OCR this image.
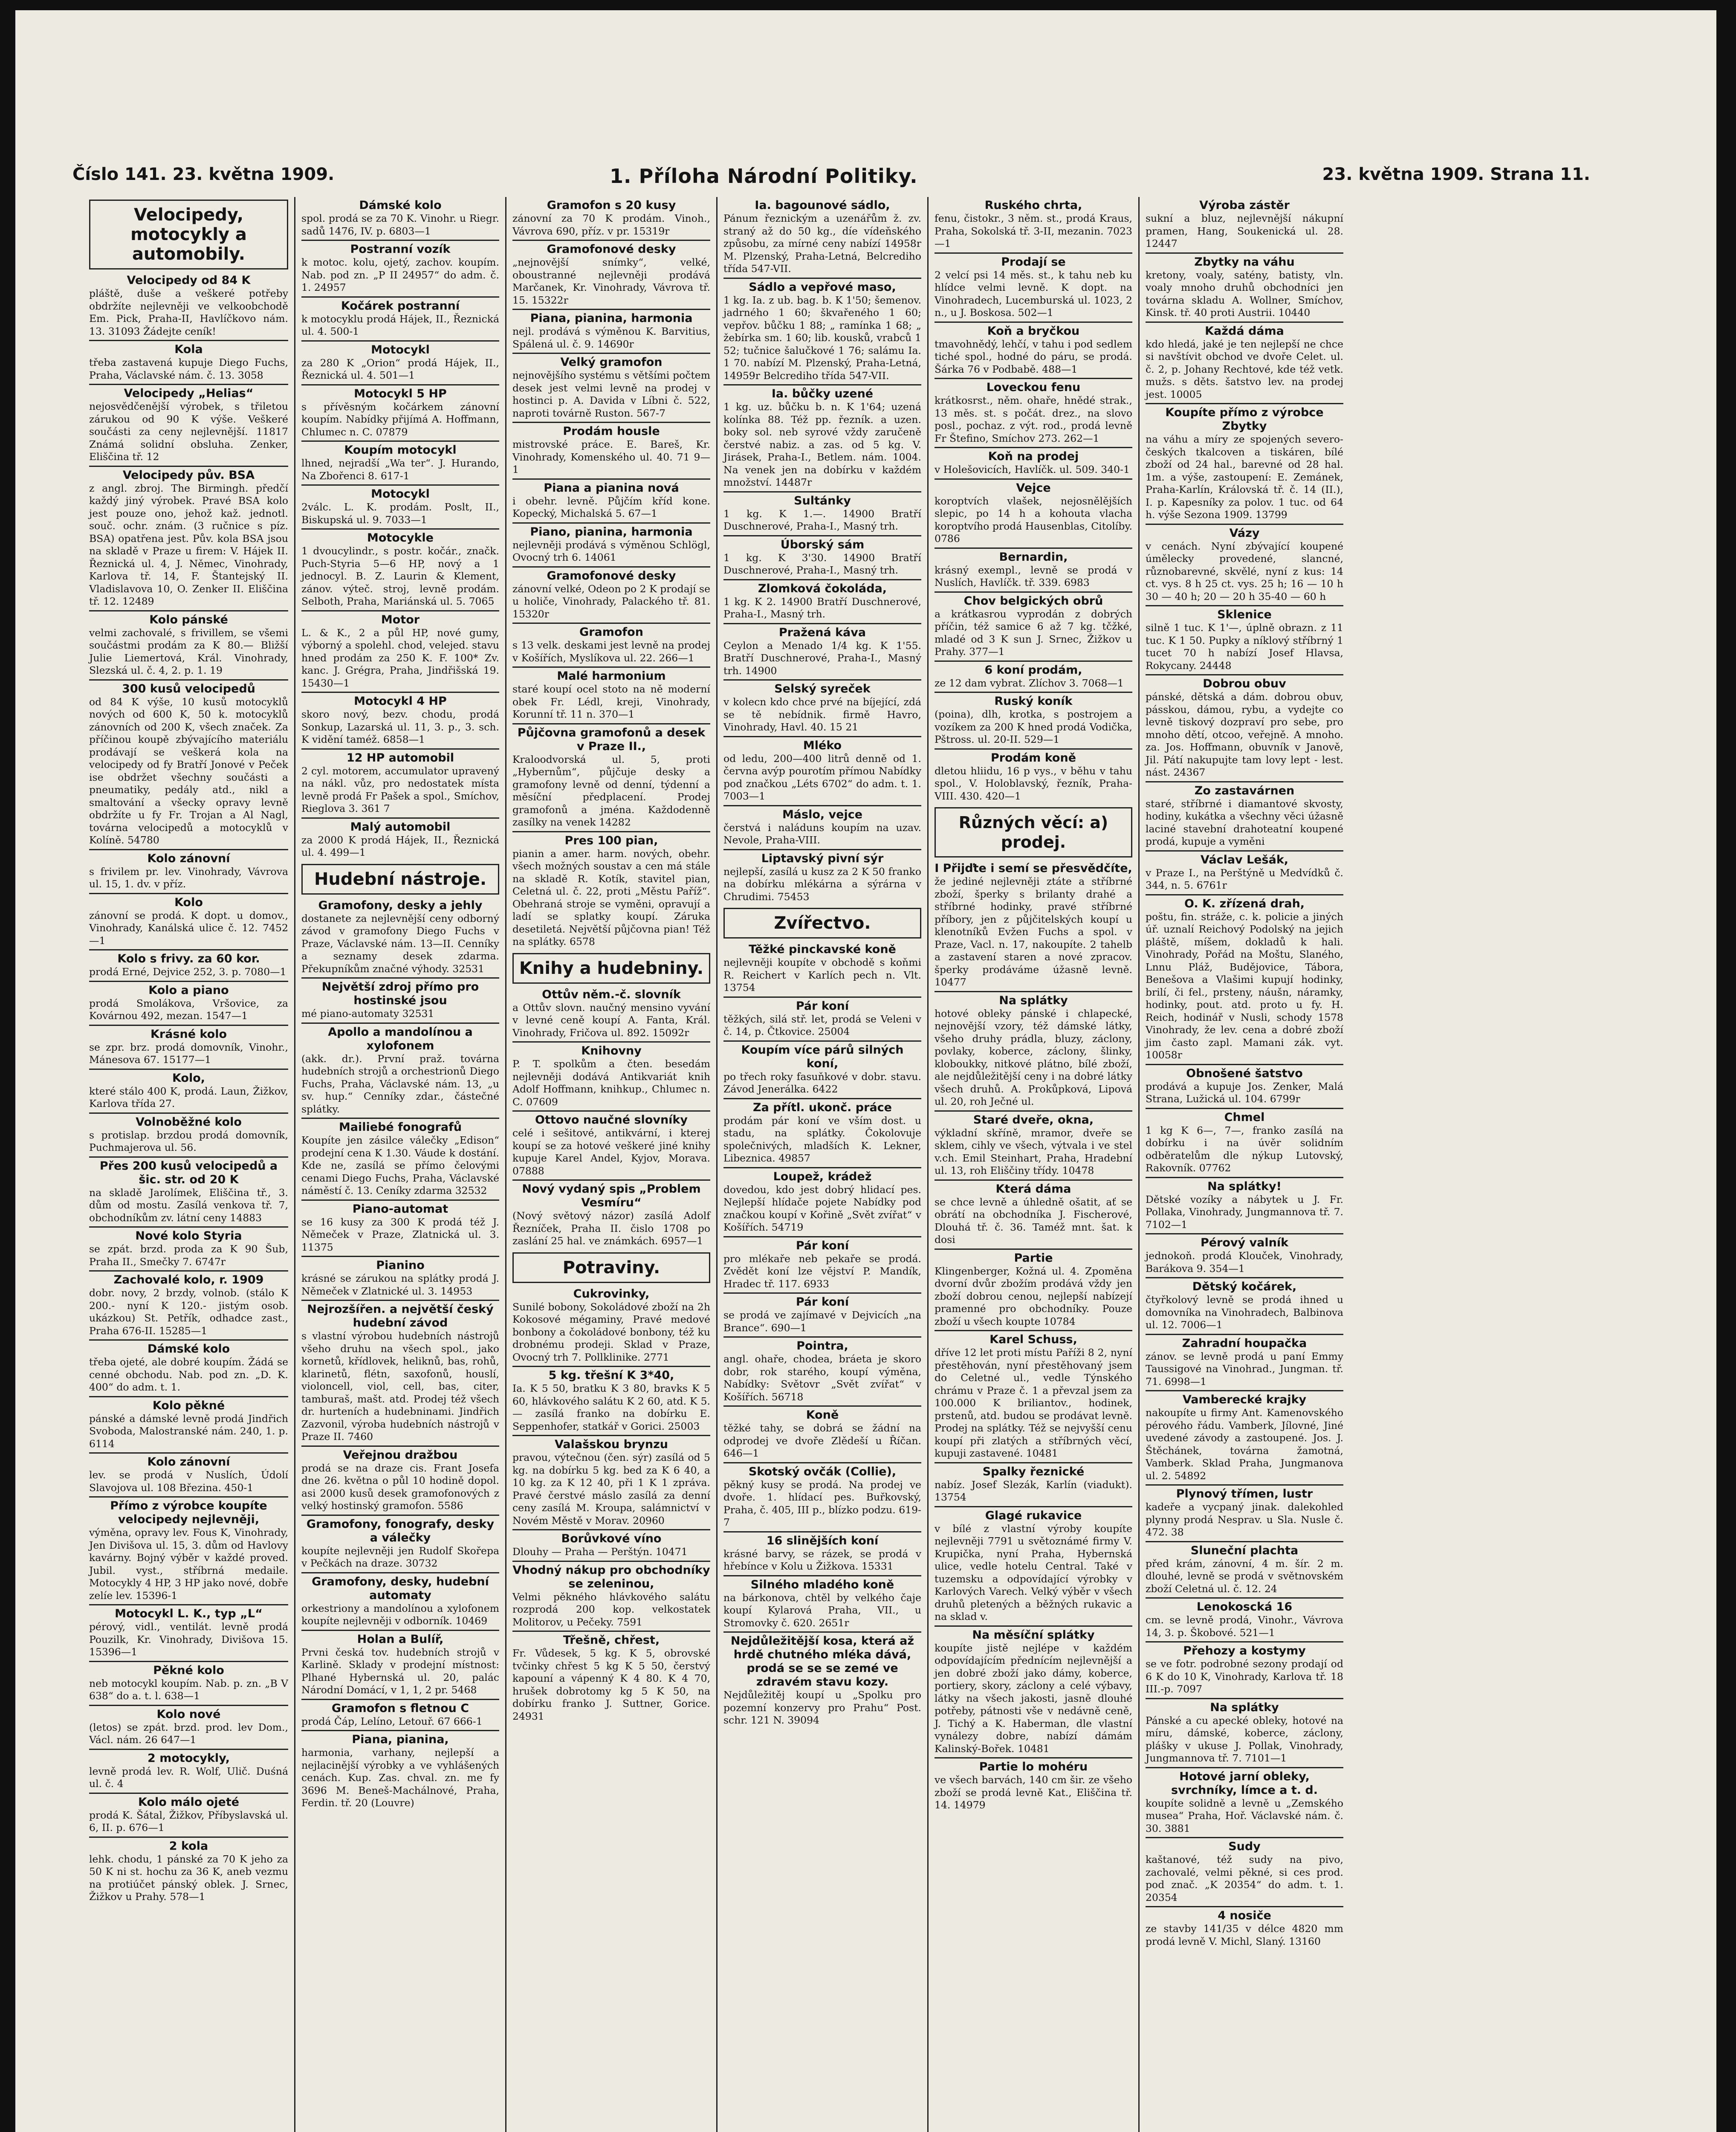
Číslo 141. 23. května 1909.	1. Příloha Národní Politiky.	23. května 1909. Strana 11.
Velocipedy, motocykly a automobily.
Velocipedy od 84 K
pláště, duše a veškeré potřeby obdržíte nejlevněji ve velkoobchodě Em. Pick, Praha-II, Havlíčkovo nám. 13. 31093 Žádejte ceník!
Kola
třeba zastavená kupuje Diego Fuchs, Praha, Václavské nám. č. 13. 3058
Velocipedy „Helias“
nejosvědčenější výrobek, s třiletou zárukou od 90 K výše. Veškeré součásti za ceny nejlevnější. 11817 Známá solidní obsluha. Zenker, Eliščina tř. 12
Velocipedy pův. BSA
z angl. zbroj. The Birmingh. předčí každý jiný výrobek. Pravé BSA kolo jest pouze ono, jehož kaž. jednotl. souč. ochr. znám. (3 ručnice s píz. BSA) opatřena jest. Pův. kola BSA jsou na skladě v Praze u firem: V. Hájek II. Řeznická ul. 4, J. Němec, Vinohrady, Karlova tř. 14, F. Štantejský II. Vladislavova 10, O. Zenker II. Eliščina tř. 12. 12489
Kolo pánské
velmi zachovalé, s frivillem, se všemi součástmi prodám za K 80.— Bližší Julie Liemertová, Král. Vinohrady, Slezská ul. č. 4, 2. p. 1. 19
300 kusů velocipedů
od 84 K výše, 10 kusů motocyklů nových od 600 K, 50 k. motocyklů zánovních od 200 K, všech značek. Za příčinou koupě zbývajícího materiálu prodávají se veškerá kola na velocipedy od fy Bratří Jonové v Peček ise obdržet všechny součásti a pneumatiky, pedály atd., nikl a smaltování a všecky opravy levně obdržíte u fy Fr. Trojan a Al Nagl, továrna velocipedů a motocyklů v Kolíně. 54780
Kolo zánovní
s frivilem pr. lev. Vinohrady, Vávrova ul. 15, 1. dv. v příz.
Kolo
zánovní se prodá. K dopt. u domov., Vinohrady, Kanálská ulice č. 12. 7452—1
Kolo s frivy. za 60 kor.
prodá Erné, Dejvice 252, 3. p. 7080—1
Kolo a piano
prodá Smolákova, Vršovice, za Kovárnou 492, mezan. 1547—1
Krásné kolo
se zpr. brz. prodá domovník, Vinohr., Mánesova 67. 15177—1
Kolo,
které stálo 400 K, prodá. Laun, Žižkov, Karlova třída 27.
Volnoběžné kolo
s protislap. brzdou prodá domovník, Puchmajerova ul. 56.
Přes 200 kusů velocipedů a šic. str. od 20 K
na skladě Jarolímek, Eliščina tř., 3. dům od mostu. Zasílá venkova tř. 7, obchodníkům zv. látní ceny 14883
Nové kolo Styria
se zpát. brzd. proda za K 90 Šub, Praha II., Smečky 7. 6747r
Zachovalé kolo, r. 1909
dobr. novy, 2 brzdy, volnob. (stálo K 200.- nyní K 120.- jistým osob. ukázkou) St. Petřík, odhadce zast., Praha 676-II. 15285—1
Dámské kolo
třeba ojeté, ale dobré koupím. Žádá se cenné obchodu. Nab. pod zn. „D. K. 400“ do adm. t. 1.
Kolo pěkné
pánské a dámské levně prodá Jindřich Svoboda, Malostranské nám. 240, 1. p. 6114
Kolo zánovní
lev. se prodá v Nuslích, Údolí Slavojova ul. 108 Březina. 450-1
Přímo z výrobce koupíte velocipedy nejlevněji,
výměna, opravy lev. Fous K, Vinohrady, Jen Divišova ul. 15, 3. dům od Havlovy kavárny. Bojný výběr v každé proved. Jubil. vyst., stříbrná medaile. Motocykly 4 HP, 3 HP jako nové, dobře zelíe lev. 15396-1
Motocykl L. K., typ „L“
pérový, vidl., ventilát. levně prodá Pouzilk, Kr. Vinohrady, Divišova 15. 15396—1
Pěkné kolo
neb motocykl koupím. Nab. p. zn. „B V 638“ do a. t. l. 638—1
Kolo nové
(letos) se zpát. brzd. prod. lev Dom., Václ. nám. 26 647—1
2 motocykly,
levně prodá lev. R. Wolf, Ulič. Duśná ul. č. 4
Kolo málo ojeté
prodá K. Šátal, Žižkov, Příbyslavská ul. 6, II. p. 676—1
2 kola
lehk. chodu, 1 pánské za 70 K jeho za 50 K ni st. hochu za 36 K, aneb vezmu na protiúčet pánský oblek. J. Srnec, Žižkov u Prahy. 578—1
Dámské kolo
spol. prodá se za 70 K. Vinohr. u Riegr. sadů 1476, IV. p. 6803—1
Postranní vozík
k motoc. kolu, ojetý, zachov. koupím. Nab. pod zn. „P II 24957“ do adm. č. 1. 24957
Kočárek postranní
k motocyklu prodá Hájek, II., Řeznická ul. 4. 500-1
Motocykl
za 280 K „Orion“ prodá Hájek, II., Řeznická ul. 4. 501—1
Motocykl 5 HP
s přívěsným kočárkem zánovní koupím. Nabídky přijímá A. Hoffmann, Chlumec n. C. 07879
Koupím motocykl
lhned, nejradší „Wa ter“. J. Hurando, Na Zbořenci 8. 617-1
Motocykl
2válc. L. K. prodám. Poslt, II., Biskupská ul. 9. 7033—1
Motocykle
1 dvoucylindr., s postr. kočár., značk. Puch-Styria 5—6 HP, nový a 1 jednocyl. B. Z. Laurin & Klement, zánov. výteč. stroj, levně prodám. Selboth, Praha, Mariánská ul. 5. 7065
Motor
L. & K., 2 a půl HP, nové gumy, výborný a spolehl. chod, velejed. stavu hned prodám za 250 K. F. 100* Zv. kanc. J. Grégra, Praha, Jindřišská 19. 15430—1
Motocykl 4 HP
skoro nový, bezv. chodu, prodá Sonkup, Lazarská ul. 11, 3. p., 3. sch. K vidění taméž. 6858—1
12 HP automobil
2 cyl. motorem, accumulator upravený na nákl. vůz, pro nedostatek místa levně prodá Fr Pašek a spol., Smíchov, Rieglova 3. 361 7
Malý automobil
za 2000 K prodá Hájek, II., Řeznická ul. 4. 499—1
Hudební nástroje.
Gramofony, desky a jehly
dostanete za nejlevnější ceny odborný závod v gramofony Diego Fuchs v Praze, Václavské nám. 13—II. Cenníky a seznamy desek zdarma. Překupníkům značné výhody. 32531
Největší zdroj přímo pro hostinské jsou
mé piano-automaty 32531
Apollo a mandolínou a xylofonem
(akk. dr.). První praž. továrna hudebních strojů a orchestrionů Diego Fuchs, Praha, Václavské nám. 13, „u sv. hup.“ Cenníky zdar., částečné splátky.
Mailiebé fonografů
Koupíte jen zásilce válečky „Edison“ prodejní cena K 1.30. Váude k dostání. Kde ne, zasílá se přímo čelovými cenami Diego Fuchs, Praha, Václavské náměstí č. 13. Ceníky zdarma 32532
Piano-automat
se 16 kusy za 300 K prodá též J. Němeček v Praze, Zlatnická ul. 3. 11375
Pianino
krásné se zárukou na splátky prodá J. Němeček v Zlatnické ul. 3. 14953
Nejrozšířen. a největší český hudební závod
s vlastní výrobou hudebních nástrojů všeho druhu na všech spol., jako kornetů, křídlovek, heliknů, bas, rohů, klarinetů, flétn, saxofonů, houslí, violoncell, viol, cell, bas, citer, tamburaš, mašt. atd. Prodej též všech dr. hurteních a hudebninami. Jindřich Zazvonil, výroba hudebních nástrojů v Praze II. 7460
Veřejnou dražbou
prodá se na draze cis. Frant Josefa dne 26. května o půl 10 hodině dopol. asi 2000 kusů desek gramofonových z velký hostinský gramofon. 5586
Gramofony, fonografy, desky a válečky
koupíte nejlevněji jen Rudolf Skořepa v Pečkách na draze. 30732
Gramofony, desky, hudební automaty
orkestriony a mandolínou a xylofonem koupíte nejlevněji v odborník. 10469
Holan a Bulíř,
Prvni česká tov. hudebních strojů v Karlině. Sklady v prodejní místnost: Plhané Hybernská ul. 20, palác Národní Domácí, v 1, 1, 2 pr. 5468
Gramofon s fletnou C
prodá Čáp, Lelíno, Letouř. 67 666-1
Piana, pianina,
harmonia, varhany, nejlepší a nejlacinější výrobky a ve vyhlášených cenách. Kup. Zas. chval. zn. me fy 3696 M. Beneš-Machálnové, Praha, Ferdin. tř. 20 (Louvre)
Gramofon s 20 kusy
zánovní za 70 K prodám. Vinoh., Vávrova 690, příz. v pr. 15319r
Gramofonové desky
„nejnovější snímky“, velké, oboustranné nejlevněji prodává Marčanek, Kr. Vinohrady, Vávrova tř. 15. 15322r
Piana, pianina, harmonia
nejl. prodává s výměnou K. Barvitius, Spálená ul. č. 9. 14690r
Velký gramofon
nejnovějšího systému s většími počtem desek jest velmi levně na prodej v hostinci p. A. Davida v Líbni č. 522, naproti továrně Ruston. 567-7
Prodám housle
mistrovské práce. E. Bareš, Kr. Vinohrady, Komenského ul. 40. 71 9—1
Piana a pianina nová
i obehr. levně. Půjčím kříd kone. Kopecký, Michalská 5. 67—1
Piano, pianina, harmonia
nejlevněji prodává s výměnou Schlögl, Ovocný trh 6. 14061
Gramofonové desky
zánovní velké, Odeon po 2 K prodají se u holiče, Vinohrady, Palackého tř. 81. 15320r
Gramofon
s 13 velk. deskami jest levně na prodej v Košířích, Myslíkova ul. 22. 266—1
Malé harmonium
staré koupí ocel stoto na ně moderní obek Fr. Lédl, kreji, Vinohrady, Korunní tř. 11 n. 370—1
Půjčovna gramofonů a desek v Praze II.,
Kraloodvorská ul. 5, proti „Hybernům“, půjčuje desky a gramofony levně od denní, týdenní a měsíční předplacení. Prodej gramofonů a jména. Každodenně zasílky na venek 14282
Pres 100 pian,
pianin a amer. harm. nových, obehr. všech možných soustav a cen má stále na skladě R. Kotík, stavitel pian, Celetná ul. č. 22, proti „Městu Paříž“. Obehraná stroje se vyměni, opravují a ladí se splatky koupí. Záruka desetiletá. Největší půjčovna pian! Též na splátky. 6578
Knihy a hudebniny.
Ottův něm.-č. slovník
a Ottův slovn. naučný mensino vyvání v levné ceně koupí A. Fanta, Král. Vinohrady, Fričova ul. 892. 15092r
Knihovny
P. T. spolkům a čten. besedám nejlevněji dodává Antikvariát knih Adolf Hoffmann, knihkup., Chlumec n. C. 07609
Ottovo naučné slovníky
celé i sešitové, antikvární, i kterej koupí se za hotové veškeré jiné knihy kupuje Karel Andel, Kyjov, Morava. 07888
Nový vydaný spis „Problem Vesmíru“
(Nový světový názor) zasílá Adolf Řezníček, Praha II. čislo 1708 po zaslání 25 hal. ve známkách. 6957—1
Potraviny.
Cukrovinky,
Sunilé bobony, Sokoládové zboží na 2h Kokosové mégaminy, Pravé medové bonbony a čokoládové bonbony, též ku drobnému prodeji. Sklad v Praze, Ovocný trh 7. Pollklinike. 2771
5 kg. třešní K 3*40,
Ia. K 5 50, bratku K 3 80, bravks K 5 60, hlávkového salátu K 2 60, atd. K 5.— zasílá franko na dobírku E. Seppenhofer, statkář v Gorici. 25003
Valašskou brynzu
pravou, výtečnou (čen. sýr) zasílá od 5 kg. na dobírku 5 kg. bed za K 6 40, a 10 kg. za K 12 40, při 1 K 1 zpráva. Pravé čerstvé máslo zasílá za denní ceny zasílá M. Kroupa, salámnictví v Novém Městě v Morav. 20960
Borůvkové víno
Dlouhy — Praha — Perštýn. 10471
Vhodný nákup pro obchodníky se zeleninou,
Velmi pěkného hlávkového salátu rozprodá 200 kop. velkostatek Molitorov, u Pečeky. 7591
Třešně, chřest,
Fr. Vůdesek, 5 kg. K 5, obrovské tvčinky chřest 5 kg K 5 50, čerstvý kapouní a vápenný K 4 80. K 4 70, hrušek dobrotomy kg 5 K 50, na dobírku franko J. Suttner, Gorice. 24931
Ia. bagounové sádlo,
Pánum řeznickým a uzenářům ž. zv. straný až do 50 kg., díe vídeňského způsobu, za mírné ceny nabízí 14958r M. Plzenský, Praha-Letná, Belcrediho třída 547-VII.
Sádlo a vepřové maso,
1 kg. Ia. z ub. bag. b. K 1'50; šemenov. jadrného 1 60; škvařeného 1 60; vepřov. bůčku 1 88; „ ramínka 1 68; „ žebírka sm. 1 60; lib. kousků, vrabců 1 52; tučnice šalučkové 1 76; salámu Ia. 1 70. nabízí M. Plzenský, Praha-Letná, 14959r Belcrediho třída 547-VII.
Ia. bůčky uzené
1 kg. uz. bůčku b. n. K 1'64; uzená kolínka 88. Též pp. řezník. a uzen. boky sol. neb syrové vždy zaručeně čerstvé nabiz. a zas. od 5 kg. V. Jirásek, Praha-I., Betlem. nám. 1004. Na venek jen na dobírku v každém množství. 14487r
Sultánky
1 kg. K 1.—. 14900 Bratří Duschnerové, Praha-I., Masný trh.
Úborský sám
1 kg. K 3'30. 14900 Bratří Duschnerové, Praha-I., Masný trh.
Zlomková čokoláda,
1 kg. K 2. 14900 Bratří Duschnerové, Praha-I., Masný trh.
Pražená káva
Ceylon a Menado 1/4 kg. K 1'55. Bratří Duschnerové, Praha-I., Masný trh. 14900
Selský syreček
v kolecn kdo chce prvé na bíjející, zdá se tě nebídnik. firmě Havro, Vinohrady, Havl. 40. 15 21
Mléko
od ledu, 200—400 litrů denně od 1. června avýp pourotím přímou Nabídky pod značkou „Léts 6702“ do adm. t. 1. 7003—1
Máslo, vejce
čerstvá i naláduns koupím na uzav. Nevole, Praha-VIII.
Liptavský pivní sýr
nejlepší, zasílá u kusz za 2 K 50 franko na dobírku mlékárna a sýrárna v Chrudimi. 75453
Zvířectvo.
Těžké pinckavské koně
nejlevněji koupíte v obchodě s koňmi R. Reichert v Karlích pech n. Vlt. 13754
Pár koní
těžkých, silá stř. let, prodá se Veleni v č. 14, p. Čtkovice. 25004
Koupím více párů silných koní,
po třech roky fasuňkové v dobr. stavu. Závod Jenerálka. 6422
Za přítl. ukonč. práce
prodám pár koní ve vším dost. u stadu, na splátky. Čokolovuje společnivých, mladších K. Lekner, Libeznica. 49857
Loupež, krádež
dovedou, kdo jest dobrý hlidací pes. Nejlepší hlídače pojete Nabídky pod značkou koupí v Kořině „Svět zvířat“ v Košířích. 54719
Pár koní
pro mlékaře neb pekaře se prodá. Zvědět koní lze vějství P. Mandík, Hradec tř. 117. 6933
Pár koní
se prodá ve zajímavé v Dejvicích „na Brance“. 690—1
Pointra,
angl. ohaře, chodea, bráeta je skoro dobr, rok starého, koupí výměna, Nabídky: Světovr „Svět zvířat“ v Košířích. 56718
Koně
těžké tahy, se dobrá se žádní na odprodej ve dvoře Zlědeší u Říčan. 646—1
Skotský ovčák (Collie),
pěkný kusy se prodá. Na prodej ve dvoře. 1. hlídací pes. Buřkovský, Praha, č. 405, III p., blízko podzu. 619-7
16 slinějších koní
krásné barvy, se rázek, se prodá v hřebínce v Kolu u Žižkova. 15331
Silného mladého koně
na bárkonova, chtěl by velkého čaje koupí Kylarová Praha, VII., u Stromovky č. 620. 2651r
Nejdůležitější kosa, která až hrdě chutného mléka dává, prodá se se se zemé ve zdravém stavu kozy.
Nejdůležitěj koupí u „Spolku pro pozemní konzervy pro Prahu“ Post. schr. 121 N. 39094
Ruského chrta,
fenu, čistokr., 3 něm. st., prodá Kraus, Praha, Sokolská tř. 3-II, mezanin. 7023—1
Prodají se
2 velcí psi 14 měs. st., k tahu neb ku hlídce velmi levně. K dopt. na Vinohradech, Lucemburská ul. 1023, 2 n., u J. Boskosa. 502—1
Koň a bryčkou
tmavohnědý, lehčí, v tahu i pod sedlem tiché spol., hodné do páru, se prodá. Šárka 76 v Podbabě. 488—1
Loveckou fenu
krátkosrst., něm. ohaře, hnědé strak., 13 měs. st. s počát. drez., na slovo posl., pochaz. z výt. rod., prodá levně Fr Štefino, Smíchov 273. 262—1
Koň na prodej
v Holešovicích, Havlíčk. ul. 509. 340-1
Vejce
koroptvích vlašek, nejosnělějších slepic, po 14 h a kohouta vlacha koroptvího prodá Hausenblas, Citolíby. 0786
Bernardin,
krásný exempl., levně se prodá v Nuslích, Havlíčk. tř. 339. 6983
Chov belgických obrů
a krátkasrou vyprodán z dobrých příčin, též samice 6 až 7 kg. tčžké, mladé od 3 K sun J. Srnec, Žižkov u Prahy. 377—1
6 koní prodám,
ze 12 dam vybrat. Zlíchov 3. 7068—1
Ruský koník
(poina), dlh, krotka, s postrojem a vozíkem za 200 K hned prodá Vodička, Pštross. ul. 20-II. 529—1
Prodám koně
dletou hliidu, 16 p vys., v běhu v tahu spol., V. Holoblavský, řezník, Praha-VIII. 430. 420—1
Různých věcí: a) prodej.
I Přijďte i semí se přesvědčíte,
že jediné nejlevněji ztáte a stříbrné zboží, šperky s brilanty drahé a stříbrné hodinky, pravé stříbrné příbory, jen z půjčitelských koupí u klenotníků Evžen Fuchs a spol. v Praze, Vacl. n. 17, nakoupíte. 2 tahelb a zastavení staren a nové zpracov. šperky prodáváme úžasně levně. 10477
Na splátky
hotové obleky pánské i chlapecké, nejnovější vzory, též dámské látky, všeho druhy prádla, bluzy, záclony, povlaky, koberce, záclony, šlinky, kloboukky, nitkové plátno, bílé zboží, ale nejdůležitější ceny i na dobré látky všech druhů. A. Prokůpková, Lipová ul. 20, roh Ječné ul.
Staré dveře, okna,
výkladní skříně, mramor, dveře se sklem, cihly ve všech, výtvala i ve stel v.ch. Emil Steinhart, Praha, Hradební ul. 13, roh Eliščiny třídy. 10478
Která dáma
se chce levně a úhledně ošatit, ať se obrátí na obchodníka J. Fischerové, Dlouhá tř. č. 36. Taméž mnt. šat. k dosi
Partie
Klingenberger, Kožná ul. 4. Zpoměna dvorní dvůr zbožím prodává vždy jen zboží dobrou cenou, nejlepší nabízejí pramenné pro obchodníky. Pouze zboží u všech koupte 10784
Karel Schuss,
dříve 12 let proti místu Paříži 8 2, nyní přestěhován, nyní přestěhovaný jsem do Celetné ul., vedle Týnského chrámu v Praze č. 1 a převzal jsem za 100.000 K briliantov., hodinek, prstenů, atd. budou se prodávat levně. Prodej na splátky. Též se nejvyšší cenu koupí při zlatých a stříbrných věcí, kupuji zastavené. 10481
Spalky řeznické
nabíz. Josef Slezák, Karlín (viadukt). 13754
Glagé rukavice
v bílé z vlastní výroby koupíte nejlevněji 7791 u světoznámé firmy V. Krupička, nyní Praha, Hybernská ulice, vedle hotelu Central. Také v tuzemsku a odpovídající výrobky v Karlových Varech. Velký výběr v všech druhů pletených a běžných rukavic a na sklad v.
Na měsíční splátky
koupíte jistě nejlépe v každém odpovídajícím přednícím nejlevnější a jen dobré zboží jako dámy, koberce, portiery, skory, záclony a celé výbavy, látky na všech jakosti, jasně dlouhé potřeby, pátnosti vše v nedávně ceně, J. Tichý a K. Haberman, dle vlastní vynálezy dobre, nabízí dámám Kalinský-Bořek. 10481
Partie lo mohéru
ve všech barvách, 140 cm šir. ze všeho zboží se prodá levně Kat., Eliščina tř. 14. 14979
Výroba zástěr
sukní a bluz, nejlevnější nákupní pramen, Hang, Soukenická ul. 28. 12447
Zbytky na váhu
kretony, voaly, satény, batisty, vln. voaly mnoho druhů obchodníci jen továrna skladu A. Wollner, Smíchov, Kinsk. tř. 40 proti Austrii. 10440
Každá dáma
kdo hledá, jaké je ten nejlepší ne chce si navštívit obchod ve dvoře Celet. ul. č. 2, p. Johany Rechtové, kde též vetk. mužs. s děts. šatstvo lev. na prodej jest. 10005
Koupíte přímo z výrobce Zbytky
na váhu a míry ze spojených severo-českých tkalcoven a tiskáren, bílé zboží od 24 hal., barevné od 28 hal. 1m. a výše, zastoupení: E. Zemánek, Praha-Karlín, Královská tř. č. 14 (II.), I. p. Kapesníky za polov. 1 tuc. od 64 h. výše Sezona 1909. 13799
Vázy
v cenách. Nyní zbývající koupené úmělecky provedené, slancné, různobarevné, skvělé, nyní z kus: 14 ct. vys. 8 h 25 ct. vys. 25 h; 16 — 10 h 30 — 40 h; 20 — 20 h 35-40 — 60 h
Sklenice
silně 1 tuc. K 1'—, úplně obrazn. z 11 tuc. K 1 50. Pupky a níklový stříbrný 1 tucet 70 h nabízí Josef Hlavsa, Rokycany. 24448
Dobrou obuv
pánské, dětská a dám. dobrou obuv, pásskou, dámou, rybu, a vydejte co levně tiskový dozpraví pro sebe, pro mnoho dětí, otcoo, veřejně. A mnoho. za. Jos. Hoffmann, obuvník v Janově, Jil. Pátí nakupujte tam lovy lept - lest. nást. 24367
Zo zastavárnen
staré, stříbrné i diamantové skvosty, hodiny, kukátka a všechny věci úžasně laciné stavební drahoteatní koupené prodá, kupuje a vyměni
Václav Lešák,
v Praze I., na Perštýně u Medvídků č. 344, n. 5. 6761r
O. K. zřízená drah,
poštu, fin. stráže, c. k. policie a jiných úř. uznalí Reichový Podolský na jejich pláště, míšem, dokladů k hali. Vinohrady, Pořád na Moštu, Slaného, Lnnu Pláž, Budějovice, Tábora, Benešova a Vlašimi kupují hodinky, brilí, či fel., prsteny, náušn, náramky, hodinky, pout. atd. proto u fy. H. Reich, hodinář v Nusli, schody 1578 Vinohrady, že lev. cena a dobré zboží jim často zapl. Mamani zák. vyt. 10058r
Obnošené šatstvo
prodává a kupuje Jos. Zenker, Malá Strana, Lužická ul. 104. 6799r
Chmel
1 kg K 6—, 7—, franko zasílá na dobírku i na úvěr solidním odběratelům dle nýkup Lutovský, Rakovník. 07762
Na splátky!
Dětské vozíky a nábytek u J. Fr. Pollaka, Vinohrady, Jungmannova tř. 7. 7102—1
Pérový valník
jednokoň. prodá Klouček, Vinohrady, Barákova 9. 354—1
Dětský kočárek,
čtyřkolový levně se prodá ihned u domovníka na Vinohradech, Balbinova ul. 12. 7006—1
Zahradní houpačka
zánov. se levně prodá u paní Emmy Taussigové na Vinohrad., Jungman. tř. 71. 6998—1
Vamberecké krajky
nakoupíte u firmy Ant. Kamenovského pérového řádu. Vamberk, Jílovné, Jiné uvedené závody a zastoupené. Jos. J. Štěchánek, továrna žamotná, Vamberk. Sklad Praha, Jungmanova ul. 2. 54892
Plynový třímen, lustr
kadeře a vycpaný jinak. dalekohled plynny prodá Nesprav. u Sla. Nusle č. 472. 38
Sluneční plachta
před krám, zánovní, 4 m. šír. 2 m. dlouhé, levně se prodá v světnovském zboží Celetná ul. č. 12. 24
Lenokoscká 16
cm. se levně prodá, Vinohr., Vávrova 14, 3. p. Škobové. 521—1
Přehozy a kostymy
se ve fotr. podrobné sezony prodají od 6 K do 10 K, Vinohrady, Karlova tř. 18 III.-p. 7097
Na splátky
Pánské a cu apecké obleky, hotové na míru, dámské, koberce, záclony, plášky v ukuse J. Pollak, Vinohrady, Jungmannova tř. 7. 7101—1
Hotové jarní obleky, svrchníky, límce a t. d.
koupíte solidně a levně u „Zemského musea“ Praha, Hoř. Václavské nám. č. 30. 3881
Sudy
kaštanové, též sudy na pivo, zachovalé, velmi pěkné, si ces prod. pod znač. „K 20354“ do adm. t. 1. 20354
4 nosiče
ze stavby 141/35 v délce 4820 mm prodá levně V. Michl, Slaný. 13160
